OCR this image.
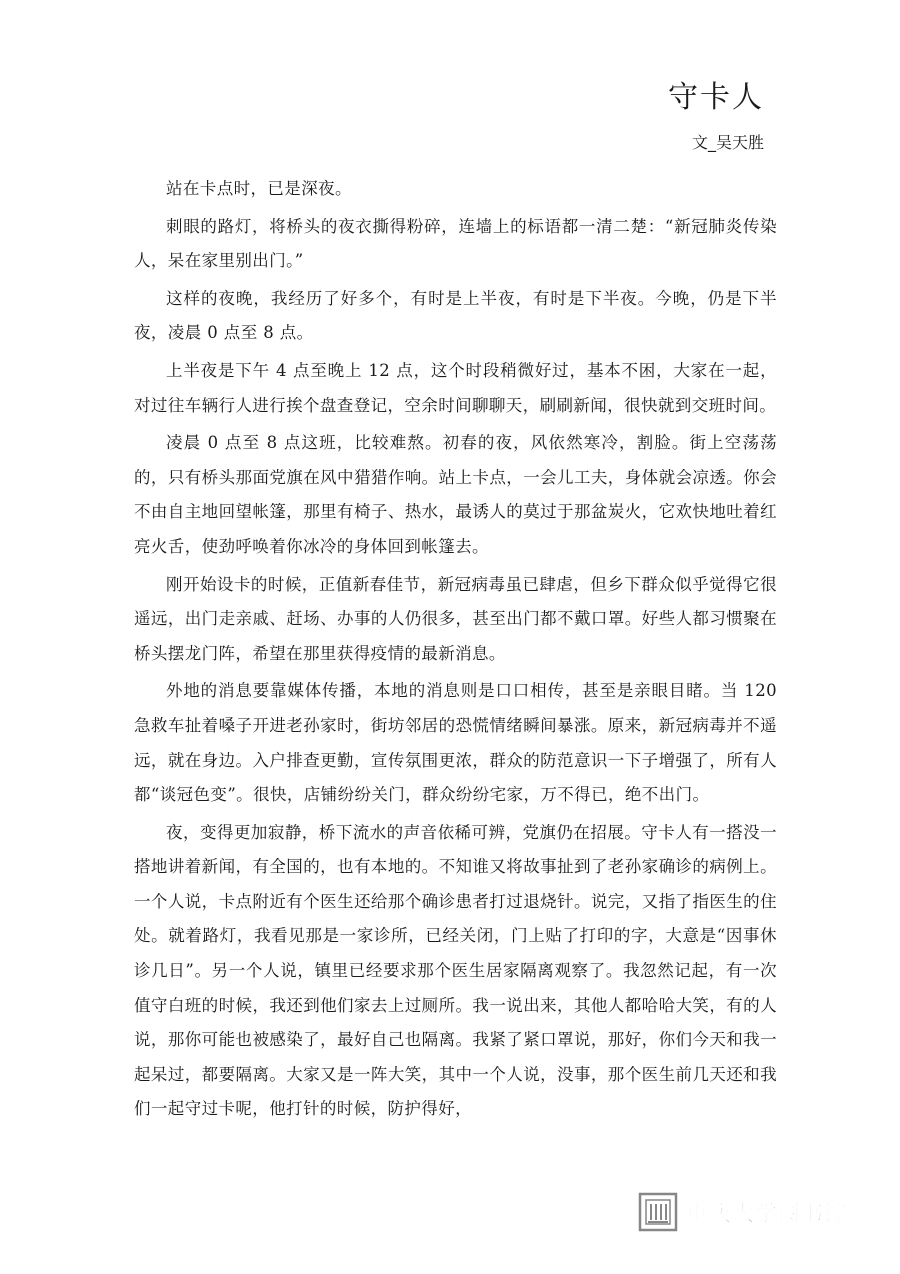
守卡人

文_吴天胜

站在卡点时，已是深夜。

刺眼的路灯，将桥头的夜衣撕得粉碎，连墙上的标语都一清二楚：“新冠肺炎传染人，呆在家里别出门。”

这样的夜晚，我经历了好多个，有时是上半夜，有时是下半夜。今晚，仍是下半夜，凌晨 0 点至 8 点。

上半夜是下午 4 点至晚上 12 点，这个时段稍微好过，基本不困，大家在一起，对过往车辆行人进行挨个盘查登记，空余时间聊聊天，刷刷新闻，很快就到交班时间。

凌晨 0 点至 8 点这班，比较难熬。初春的夜，风依然寒冷，割脸。街上空荡荡的，只有桥头那面党旗在风中猎猎作响。站上卡点，一会儿工夫，身体就会凉透。你会不由自主地回望帐篷，那里有椅子、热水，最诱人的莫过于那盆炭火，它欢快地吐着红亮火舌，使劲呼唤着你冰冷的身体回到帐篷去。

刚开始设卡的时候，正值新春佳节，新冠病毒虽已肆虐，但乡下群众似乎觉得它很遥远，出门走亲戚、赶场、办事的人仍很多，甚至出门都不戴口罩。好些人都习惯聚在桥头摆龙门阵，希望在那里获得疫情的最新消息。

外地的消息要靠媒体传播，本地的消息则是口口相传，甚至是亲眼目睹。当 120 急救车扯着嗓子开进老孙家时，街坊邻居的恐慌情绪瞬间暴涨。原来，新冠病毒并不遥远，就在身边。入户排查更勤，宣传氛围更浓，群众的防范意识一下子增强了，所有人都“谈冠色变”。很快，店铺纷纷关门，群众纷纷宅家，万不得已，绝不出门。

夜，变得更加寂静，桥下流水的声音依稀可辨，党旗仍在招展。守卡人有一搭没一搭地讲着新闻，有全国的，也有本地的。不知谁又将故事扯到了老孙家确诊的病例上。一个人说，卡点附近有个医生还给那个确诊患者打过退烧针。说完，又指了指医生的住处。就着路灯，我看见那是一家诊所，已经关闭，门上贴了打印的字，大意是“因事休诊几日”。另一个人说，镇里已经要求那个医生居家隔离观察了。我忽然记起，有一次值守白班的时候，我还到他们家去上过厕所。我一说出来，其他人都哈哈大笑，有的人说，那你可能也被感染了，最好自己也隔离。我紧了紧口罩说，那好，你们今天和我一起呆过，都要隔离。大家又是一阵大笑，其中一个人说，没事，那个医生前几天还和我们一起守过卡呢，他打针的时候，防护得好，

重庆大学图书馆
